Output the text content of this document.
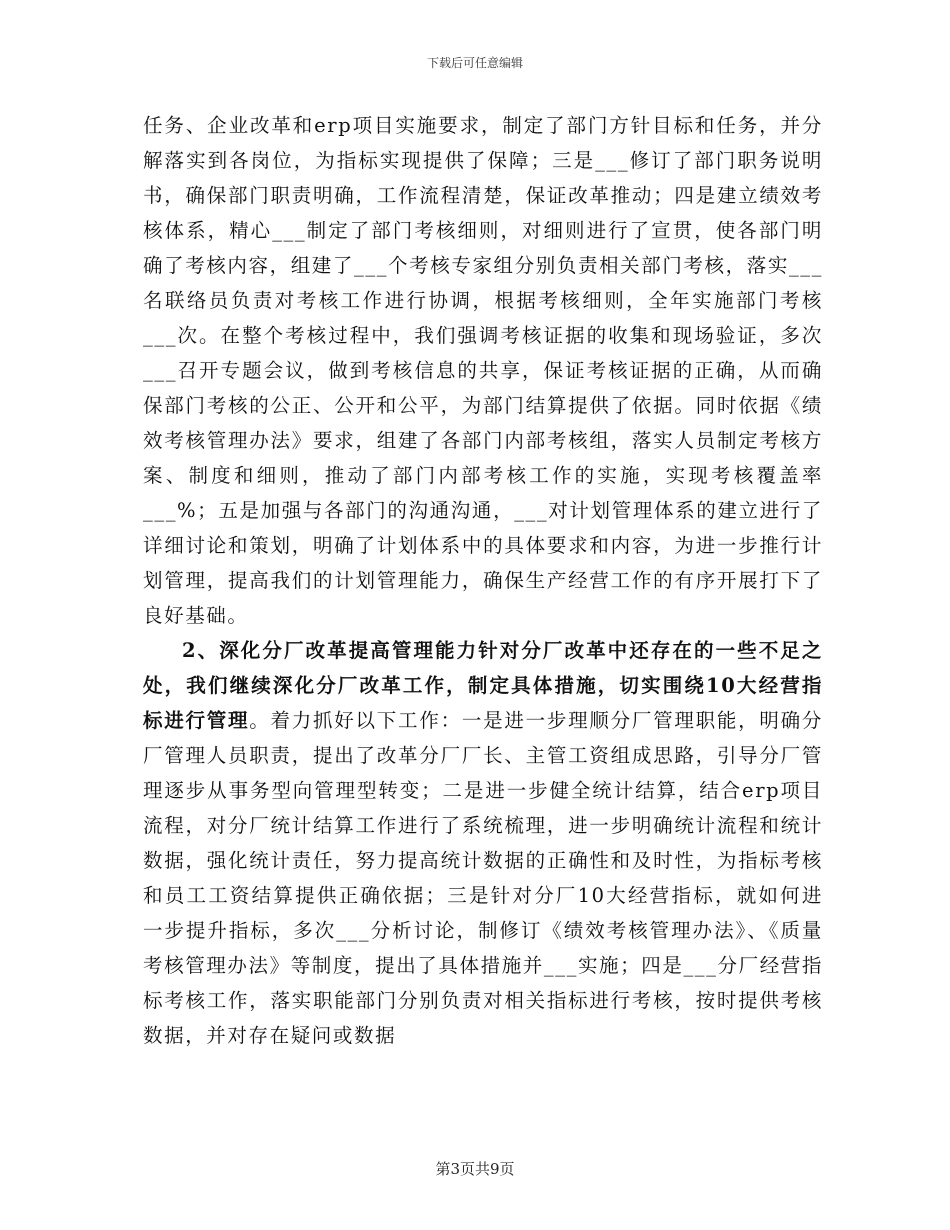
下载后可任意编辑

任务、企业改革和erp项目实施要求，制定了部门方针目标和任务，并分解落实到各岗位，为指标实现提供了保障；三是___修订了部门职务说明书，确保部门职责明确，工作流程清楚，保证改革推动；四是建立绩效考核体系，精心___制定了部门考核细则，对细则进行了宣贯，使各部门明确了考核内容，组建了___个考核专家组分别负责相关部门考核，落实___名联络员负责对考核工作进行协调，根据考核细则，全年实施部门考核___次。在整个考核过程中，我们强调考核证据的收集和现场验证，多次___召开专题会议，做到考核信息的共享，保证考核证据的正确，从而确保部门考核的公正、公开和公平，为部门结算提供了依据。同时依据《绩效考核管理办法》要求，组建了各部门内部考核组，落实人员制定考核方案、制度和细则，推动了部门内部考核工作的实施，实现考核覆盖率___%；五是加强与各部门的沟通沟通，___对计划管理体系的建立进行了详细讨论和策划，明确了计划体系中的具体要求和内容，为进一步推行计划管理，提高我们的计划管理能力，确保生产经营工作的有序开展打下了良好基础。

2、深化分厂改革提高管理能力针对分厂改革中还存在的一些不足之处，我们继续深化分厂改革工作，制定具体措施，切实围绕10大经营指标进行管理。着力抓好以下工作：一是进一步理顺分厂管理职能，明确分厂管理人员职责，提出了改革分厂厂长、主管工资组成思路，引导分厂管理逐步从事务型向管理型转变；二是进一步健全统计结算，结合erp项目流程，对分厂统计结算工作进行了系统梳理，进一步明确统计流程和统计数据，强化统计责任，努力提高统计数据的正确性和及时性，为指标考核和员工工资结算提供正确依据；三是针对分厂10大经营指标，就如何进一步提升指标，多次___分析讨论，制修订《绩效考核管理办法》、《质量考核管理办法》等制度，提出了具体措施并___实施；四是___分厂经营指标考核工作，落实职能部门分别负责对相关指标进行考核，按时提供考核数据，并对存在疑问或数据

第3页共9页
